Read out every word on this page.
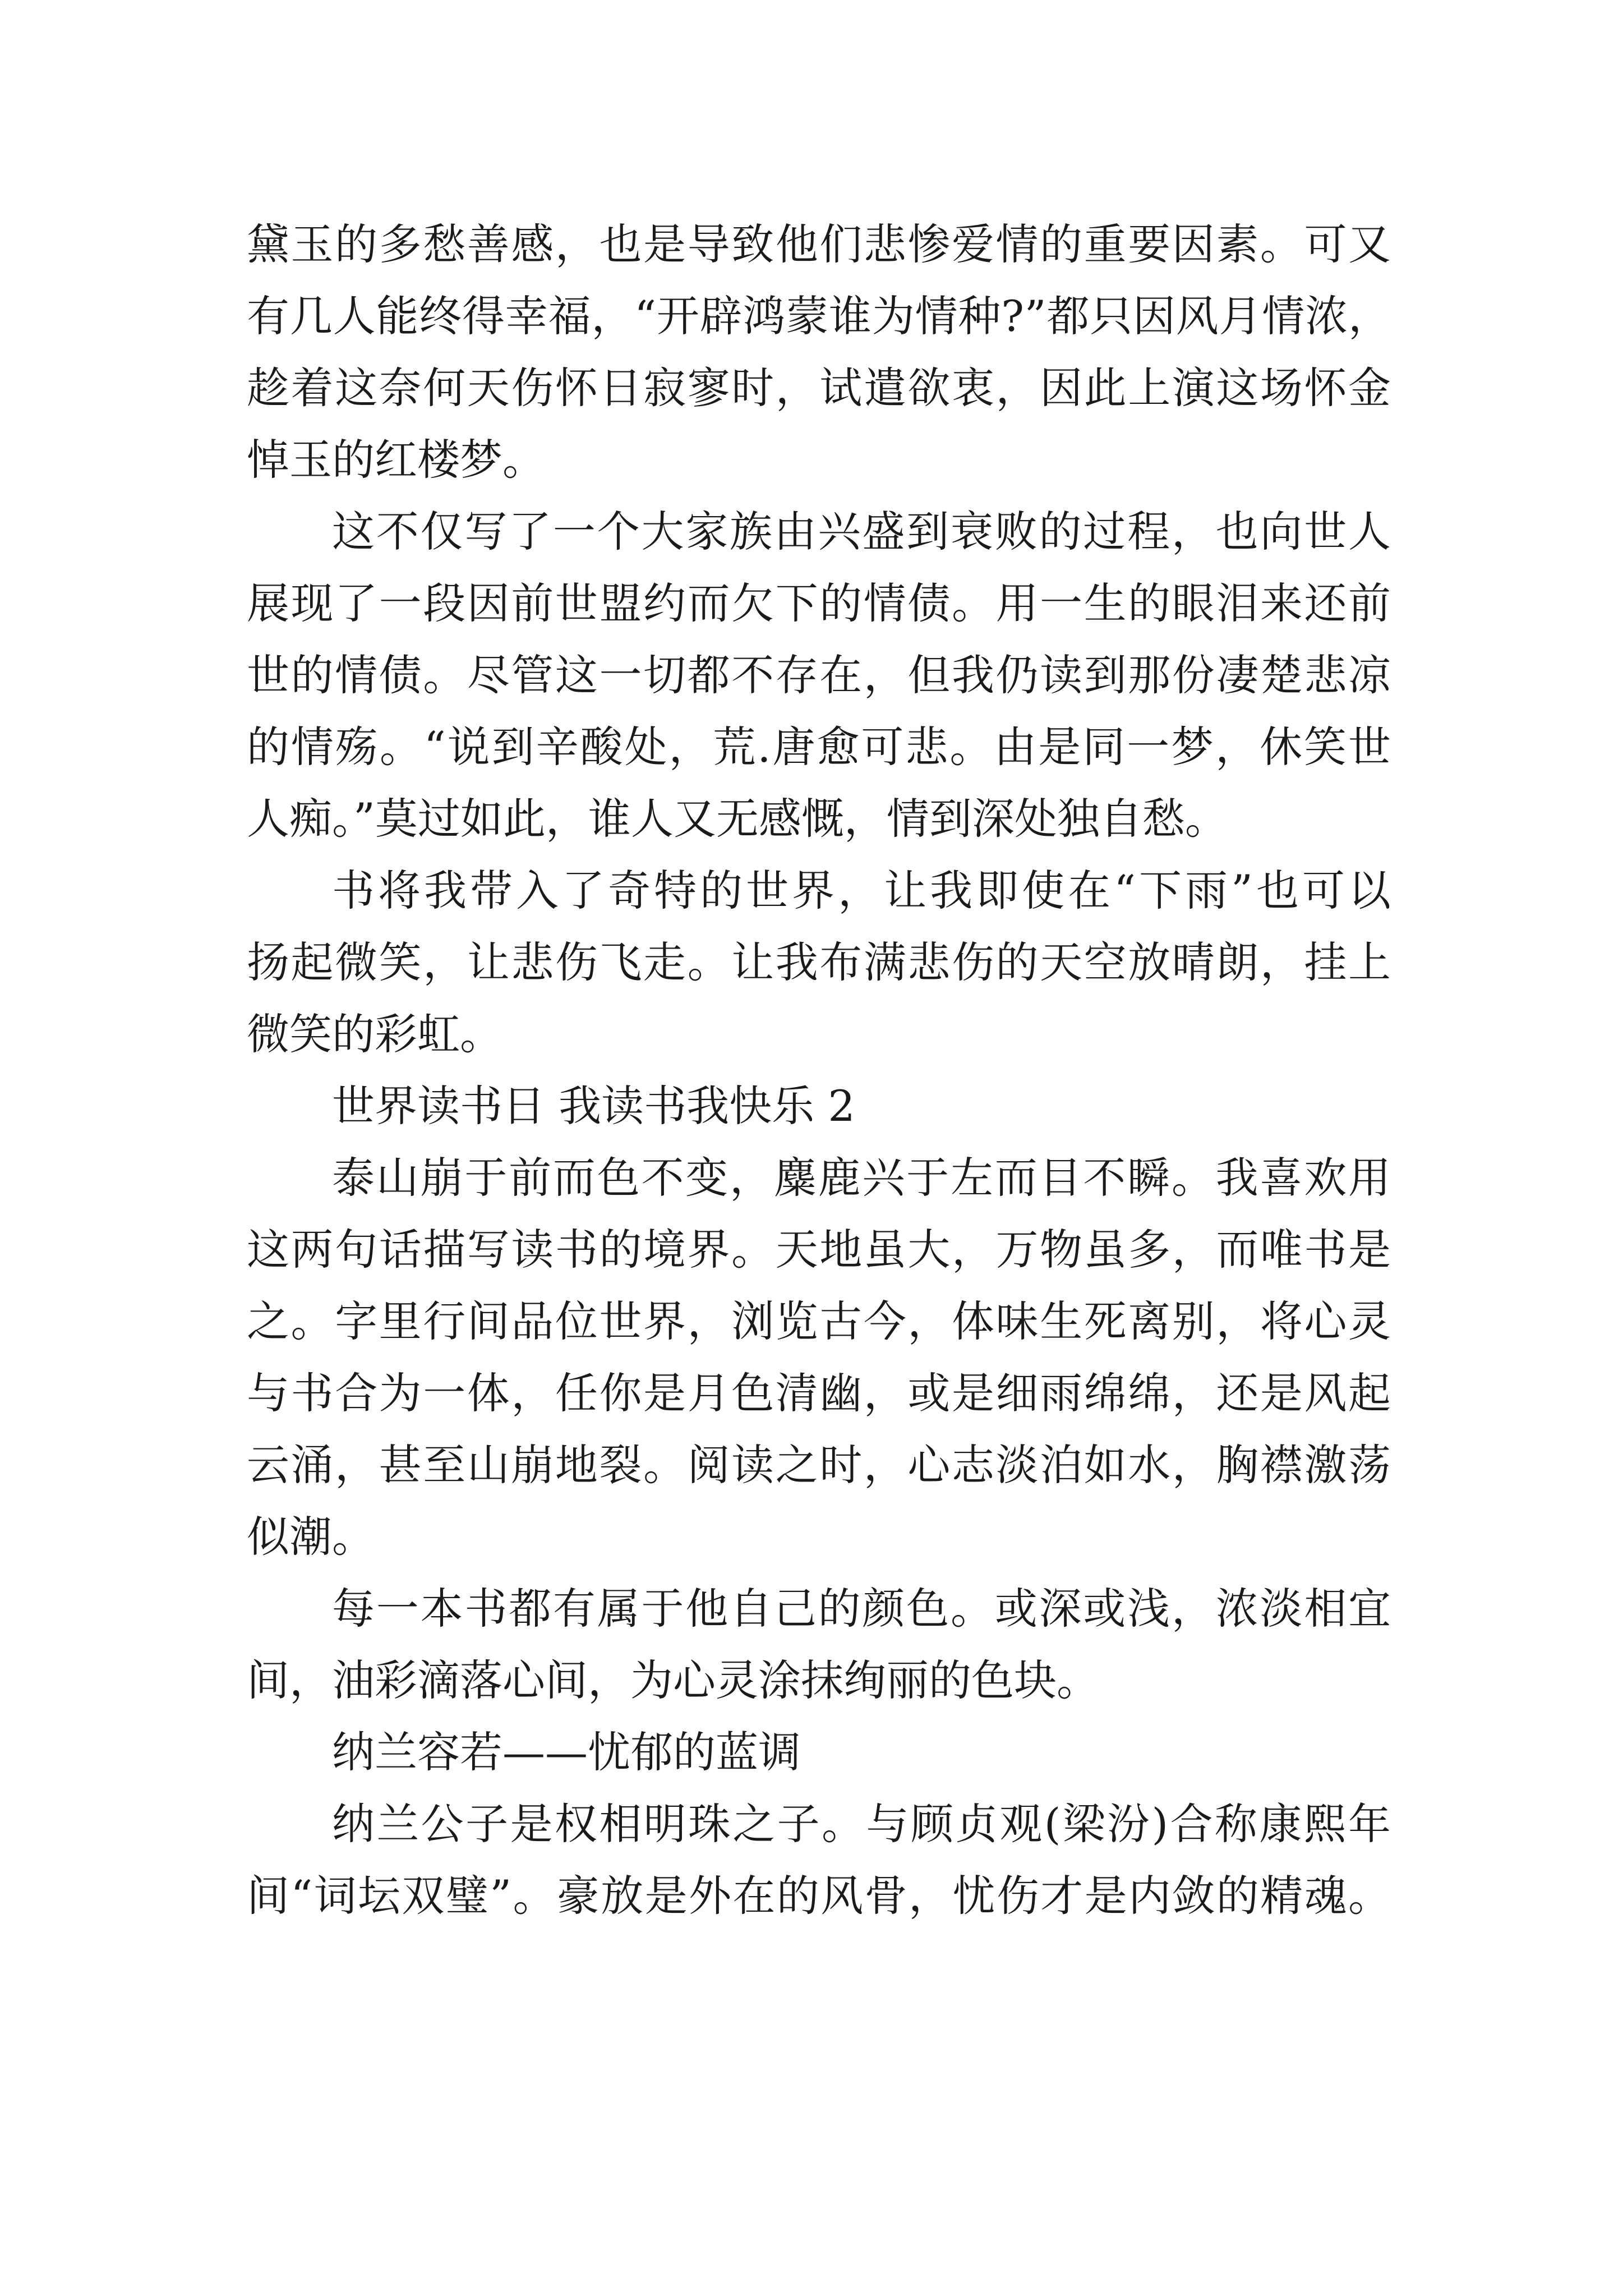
黛玉的多愁善感，也是导致他们悲惨爱情的重要因素。可又
有几人能终得幸福，“开辟鸿蒙谁为情种?”都只因风月情浓，
趁着这奈何天伤怀日寂寥时，试遣欲衷，因此上演这场怀金
悼玉的红楼梦。
这不仅写了一个大家族由兴盛到衰败的过程，也向世人
展现了一段因前世盟约而欠下的情债。用一生的眼泪来还前
世的情债。尽管这一切都不存在，但我仍读到那份凄楚悲凉
的情殇。“说到辛酸处，荒.唐愈可悲。由是同一梦，休笑世
人痴。”莫过如此，谁人又无感慨，情到深处独自愁。
书将我带入了奇特的世界，让我即使在“下雨”也可以
扬起微笑，让悲伤飞走。让我布满悲伤的天空放晴朗，挂上
微笑的彩虹。
世界读书日 我读书我快乐 2
泰山崩于前而色不变，麋鹿兴于左而目不瞬。我喜欢用
这两句话描写读书的境界。天地虽大，万物虽多，而唯书是
之。字里行间品位世界，浏览古今，体味生死离别，将心灵
与书合为一体，任你是月色清幽，或是细雨绵绵，还是风起
云涌，甚至山崩地裂。阅读之时，心志淡泊如水，胸襟激荡
似潮。
每一本书都有属于他自己的颜色。或深或浅，浓淡相宜
间，油彩滴落心间，为心灵涂抹绚丽的色块。
纳兰容若——忧郁的蓝调
纳兰公子是权相明珠之子。与顾贞观(梁汾)合称康熙年
间“词坛双璧”。豪放是外在的风骨，忧伤才是内敛的精魂。
